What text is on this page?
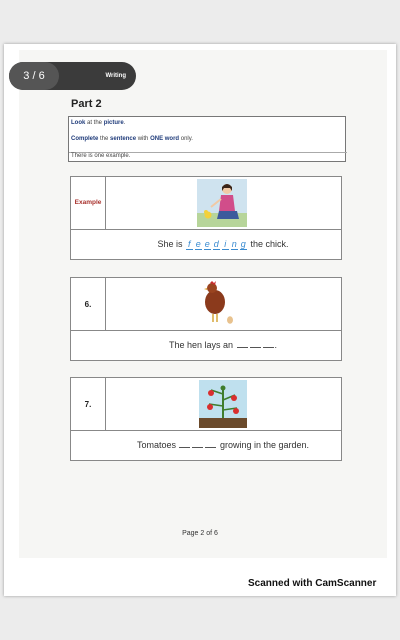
3 / 6	Writing
Part 2
Look at the picture.
Complete the sentence with ONE word only.
There is one example.
Example
She is f e e d i n g the chick.
6.
The hen lays an	.
7.
Tomatoes	growing in the garden.
Page 2 of 6
Scanned with CamScanner
